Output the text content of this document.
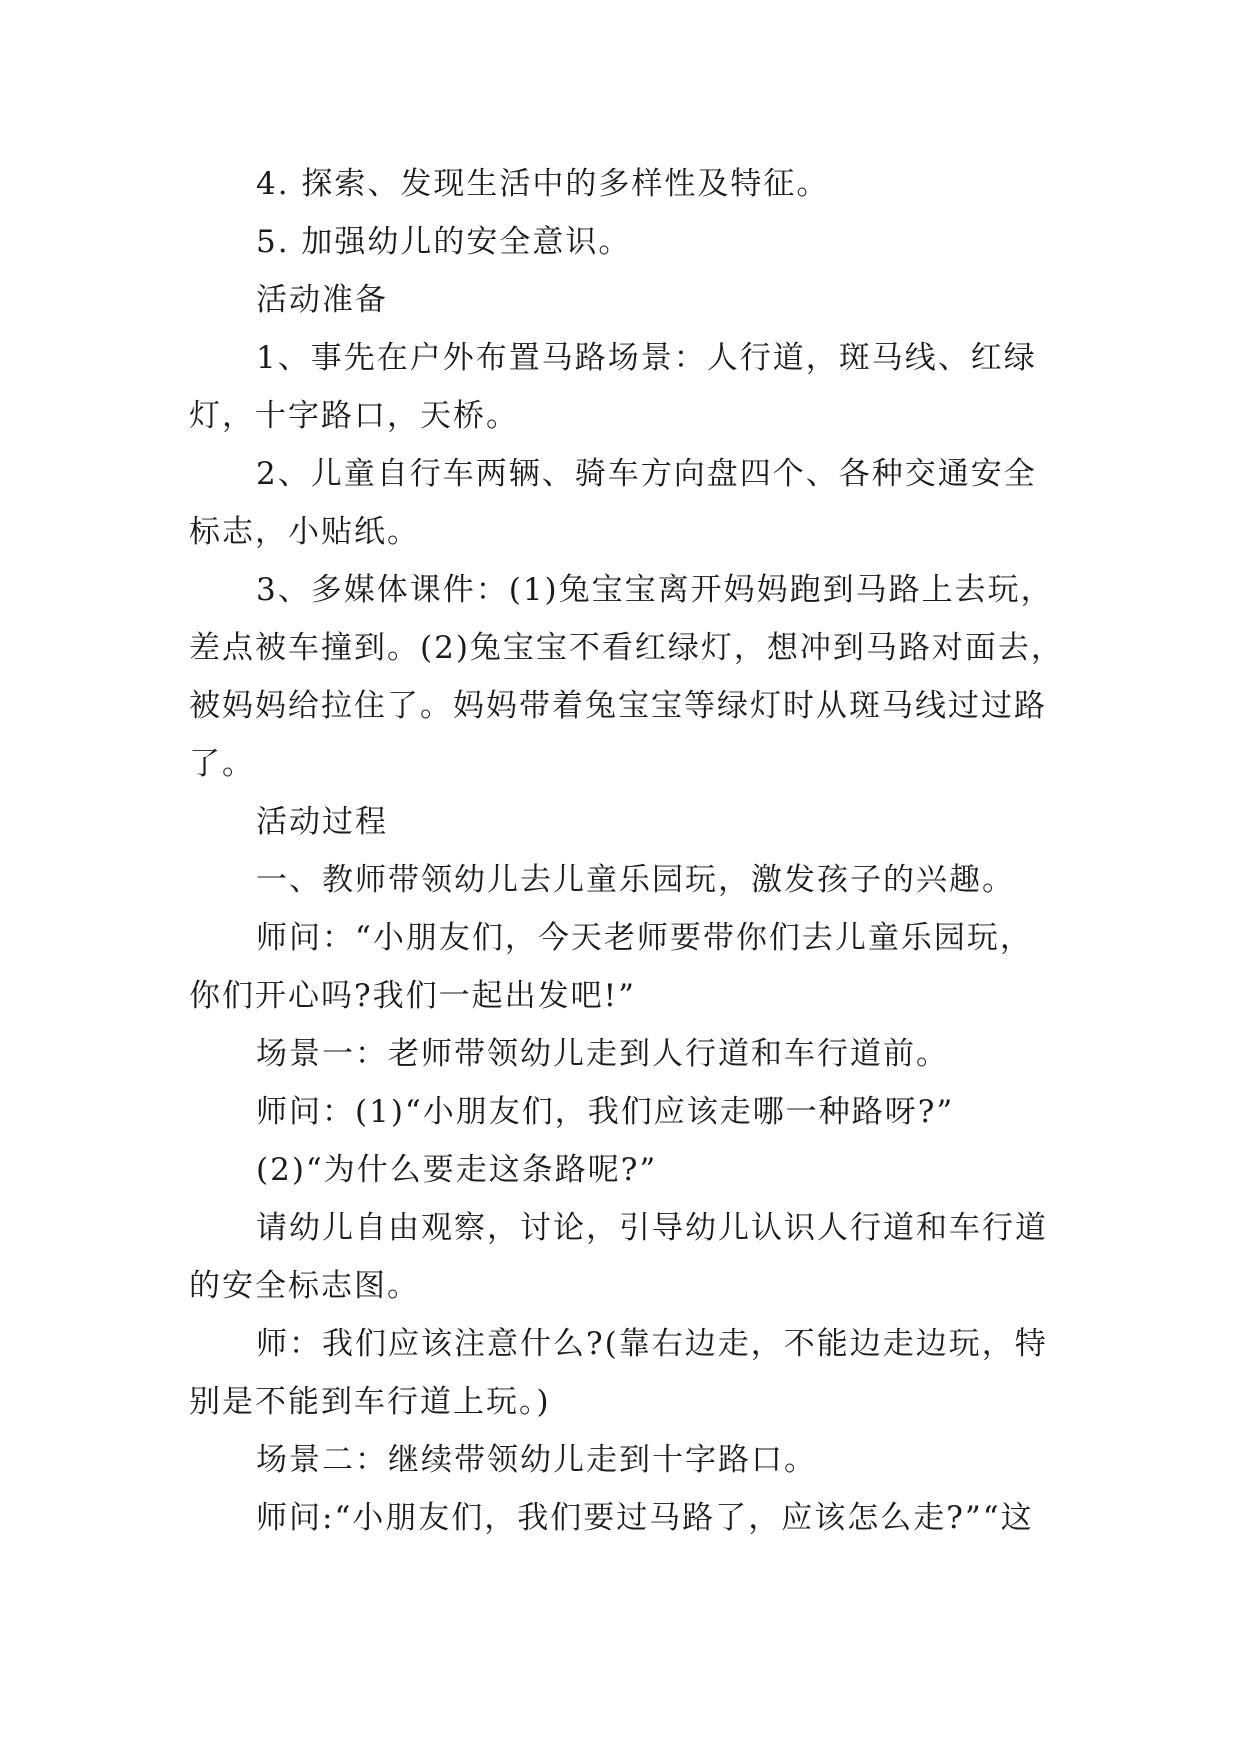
4. 探索、发现生活中的多样性及特征。
5. 加强幼儿的安全意识。
活动准备
1、事先在户外布置马路场景：人行道，斑马线、红绿
灯，十字路口，天桥。
2、儿童自行车两辆、骑车方向盘四个、各种交通安全
标志，小贴纸。
3、多媒体课件：(1)兔宝宝离开妈妈跑到马路上去玩，
差点被车撞到。(2)兔宝宝不看红绿灯，想冲到马路对面去，
被妈妈给拉住了。妈妈带着兔宝宝等绿灯时从斑马线过过路
了。
活动过程
一、教师带领幼儿去儿童乐园玩，激发孩子的兴趣。
师问：“小朋友们，今天老师要带你们去儿童乐园玩，
你们开心吗?我们一起出发吧!”
场景一：老师带领幼儿走到人行道和车行道前。
师问：(1)“小朋友们，我们应该走哪一种路呀?”
(2)“为什么要走这条路呢?”
请幼儿自由观察，讨论，引导幼儿认识人行道和车行道
的安全标志图。
师：我们应该注意什么?(靠右边走，不能边走边玩，特
别是不能到车行道上玩。)
场景二：继续带领幼儿走到十字路口。
师问:“小朋友们，我们要过马路了，应该怎么走?”“这
